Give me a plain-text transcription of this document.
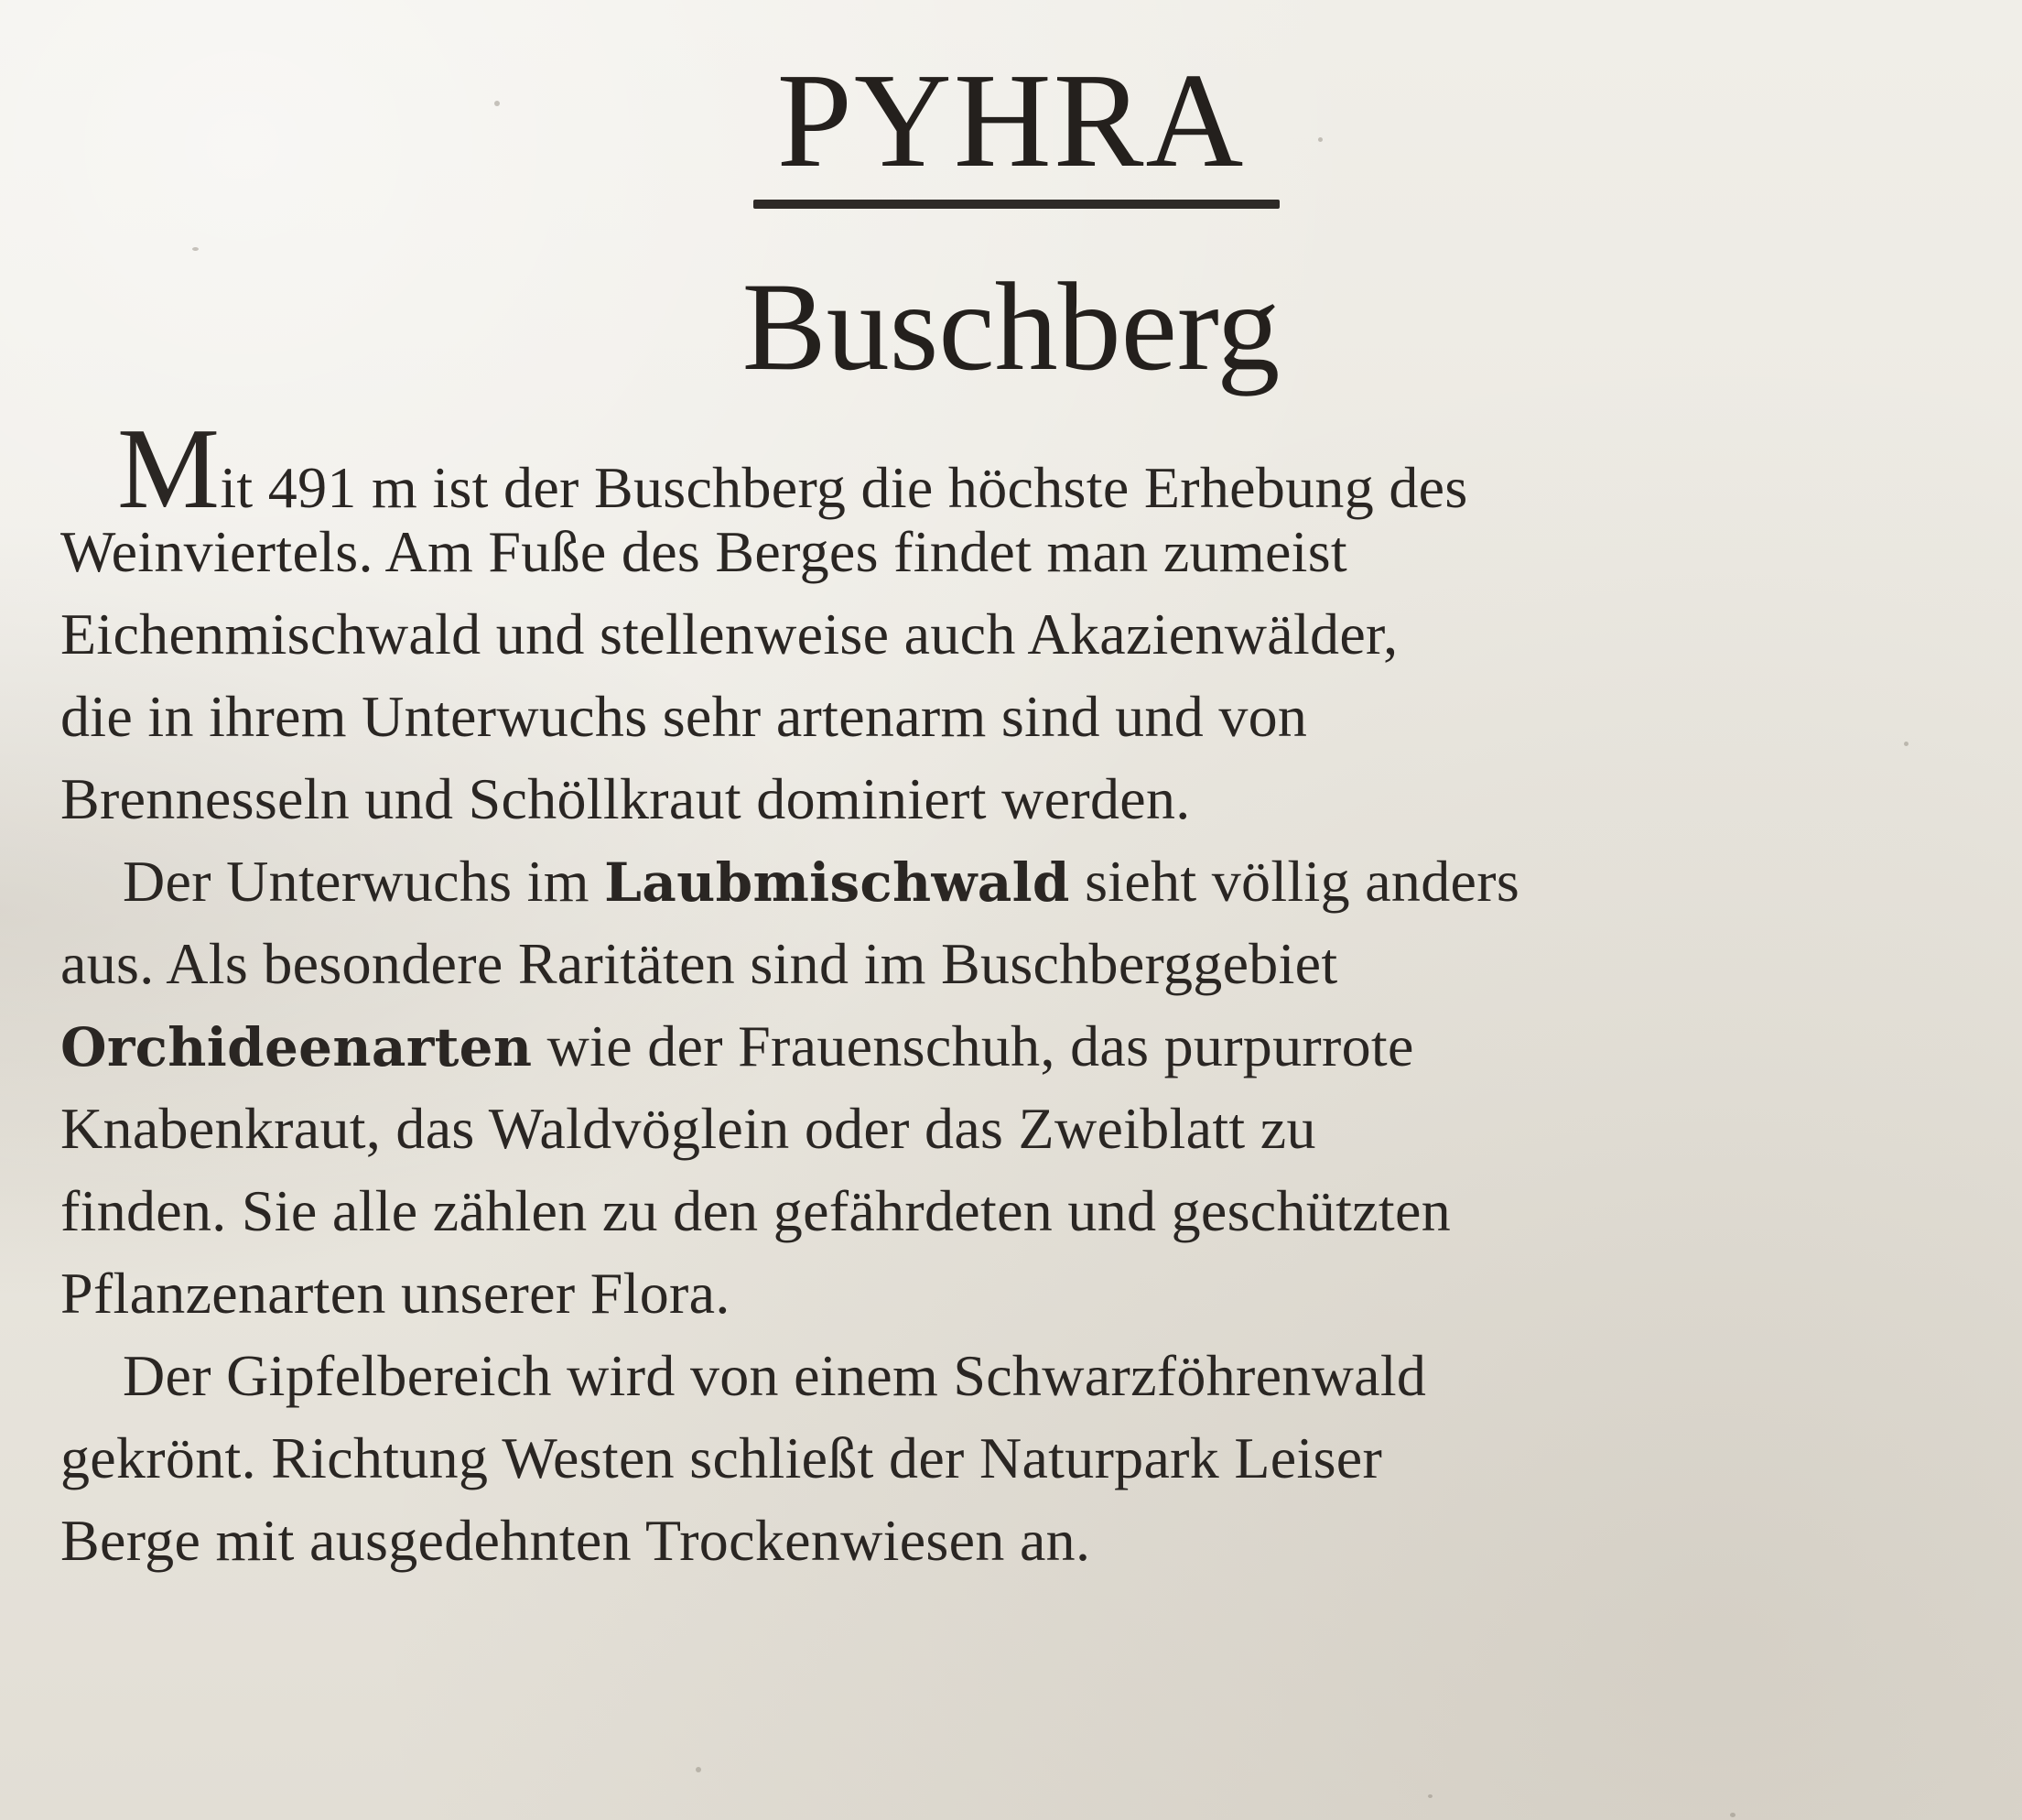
PYHRA
Buschberg
Mit 491 m ist der Buschberg die höchste Erhebung des
Weinviertels. Am Fuße des Berges findet man zumeist
Eichenmischwald und stellenweise auch Akazienwälder,
die in ihrem Unterwuchs sehr artenarm sind und von
Brennesseln und Schöllkraut dominiert werden.
Der Unterwuchs im Laubmischwald sieht völlig anders
aus. Als besondere Raritäten sind im Buschberggebiet
Orchideenarten wie der Frauenschuh, das purpurrote
Knabenkraut, das Waldvöglein oder das Zweiblatt zu
finden. Sie alle zählen zu den gefährdeten und geschützten
Pflanzenarten unserer Flora.
Der Gipfelbereich wird von einem Schwarzföhrenwald
gekrönt. Richtung Westen schließt der Naturpark Leiser
Berge mit ausgedehnten Trockenwiesen an.
